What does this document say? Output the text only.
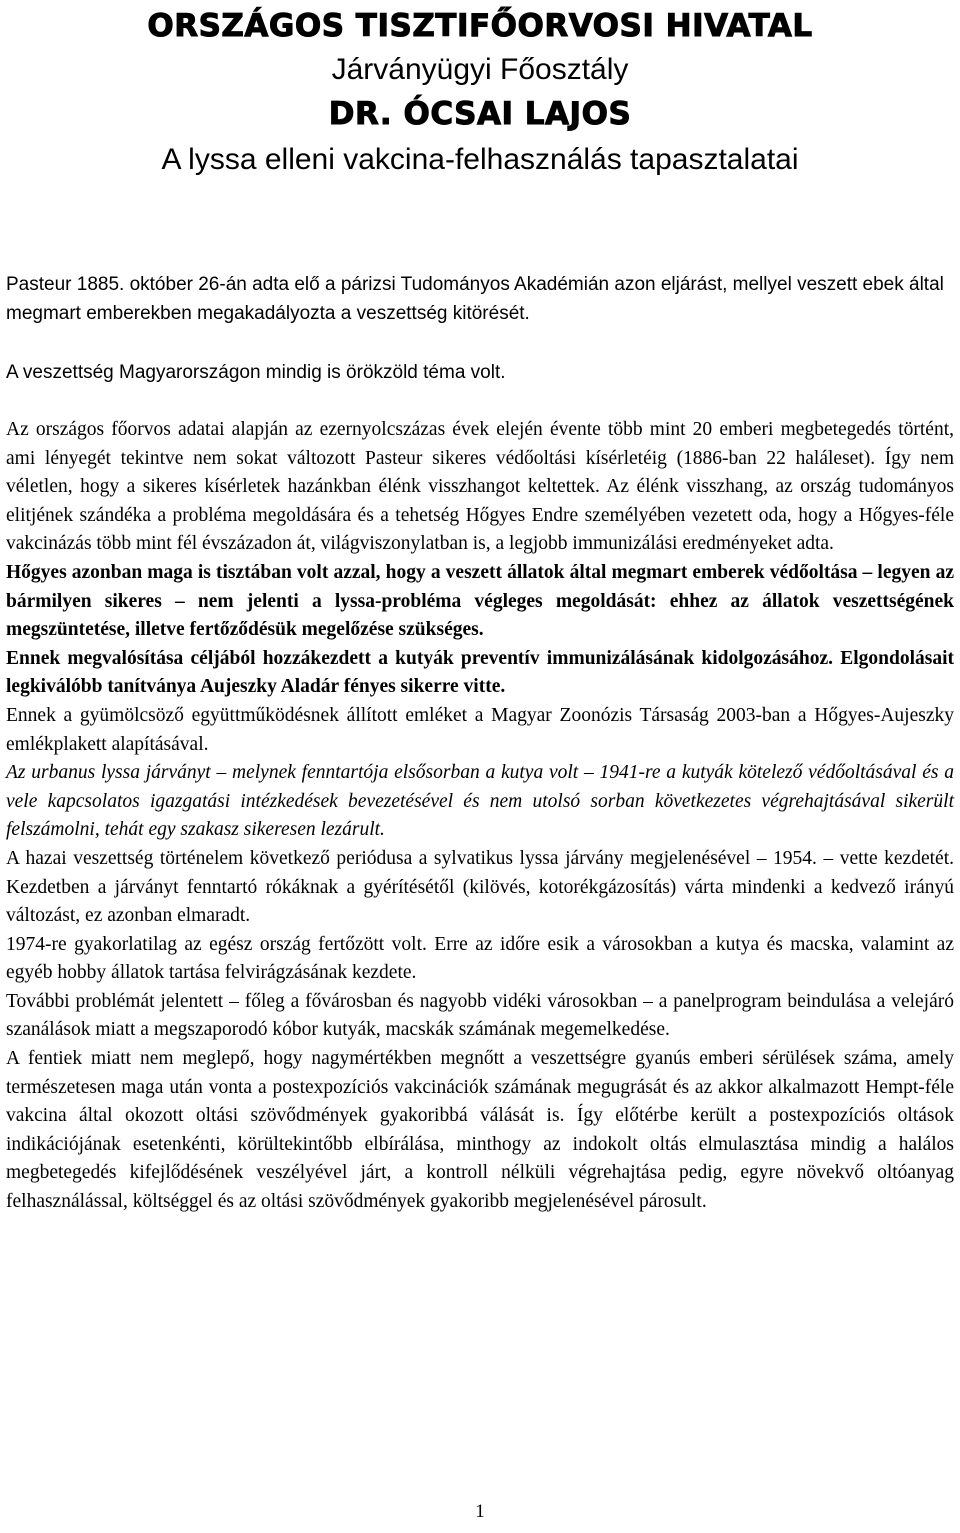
ORSZÁGOS TISZTIFŐORVOSI HIVATAL

Járványügyi Főosztály

DR. ÓCSAI LAJOS

A lyssa elleni vakcina-felhasználás tapasztalatai

Pasteur 1885. október 26-án adta elő a párizsi Tudományos Akadémián azon eljárást, mellyel veszett ebek által megmart emberekben megakadályozta a veszettség kitörését.

A veszettség Magyarországon mindig is örökzöld téma volt.

Az országos főorvos adatai alapján az ezernyolcszázas évek elején évente több mint 20 emberi megbetegedés történt, ami lényegét tekintve nem sokat változott Pasteur sikeres védőoltási kísérletéig (1886-ban 22 haláleset). Így nem véletlen, hogy a sikeres kísérletek hazánkban élénk visszhangot keltettek. Az élénk visszhang, az ország tudományos elitjének szándéka a probléma megoldására és a tehetség Hőgyes Endre személyében vezetett oda, hogy a Hőgyes-féle vakcinázás több mint fél évszázadon át, világviszonylatban is, a legjobb immunizálási eredményeket adta.

Hőgyes azonban maga is tisztában volt azzal, hogy a veszett állatok által megmart emberek védőoltása – legyen az bármilyen sikeres – nem jelenti a lyssa-probléma végleges megoldását: ehhez az állatok veszettségének megszüntetése, illetve fertőződésük megelőzése szükséges.

Ennek megvalósítása céljából hozzákezdett a kutyák preventív immunizálásának kidolgozásához. Elgondolásait legkiválóbb tanítványa Aujeszky Aladár fényes sikerre vitte.

Ennek a gyümölcsöző együttműködésnek állított emléket a Magyar Zoonózis Társaság 2003-ban a Hőgyes-Aujeszky emlékplakett alapításával.

Az urbanus lyssa járványt – melynek fenntartója elsősorban a kutya volt – 1941-re a kutyák kötelező védőoltásával és a vele kapcsolatos igazgatási intézkedések bevezetésével és nem utolsó sorban következetes végrehajtásával sikerült felszámolni, tehát egy szakasz sikeresen lezárult.

A hazai veszettség történelem következő periódusa a sylvatikus lyssa járvány megjelenésével – 1954. – vette kezdetét. Kezdetben a járványt fenntartó rókáknak a gyérítésétől (kilövés, kotorékgázosítás) várta mindenki a kedvező irányú változást, ez azonban elmaradt.

1974-re gyakorlatilag az egész ország fertőzött volt. Erre az időre esik a városokban a kutya és macska, valamint az egyéb hobby állatok tartása felvirágzásának kezdete.

További problémát jelentett – főleg a fővárosban és nagyobb vidéki városokban – a panelprogram beindulása a velejáró szanálások miatt a megszaporodó kóbor kutyák, macskák számának megemelkedése.

A fentiek miatt nem meglepő, hogy nagymértékben megnőtt a veszettségre gyanús emberi sérülések száma, amely természetesen maga után vonta a postexpozíciós vakcinációk számának megugrását és az akkor alkalmazott Hempt-féle vakcina által okozott oltási szövődmények gyakoribbá válását is. Így előtérbe került a postexpozíciós oltások indikációjának esetenkénti, körültekintőbb elbírálása, minthogy az indokolt oltás elmulasztása mindig a halálos megbetegedés kifejlődésének veszélyével járt, a kontroll nélküli végrehajtása pedig, egyre növekvő oltóanyag felhasználással, költséggel és az oltási szövődmények gyakoribb megjelenésével párosult.

1
